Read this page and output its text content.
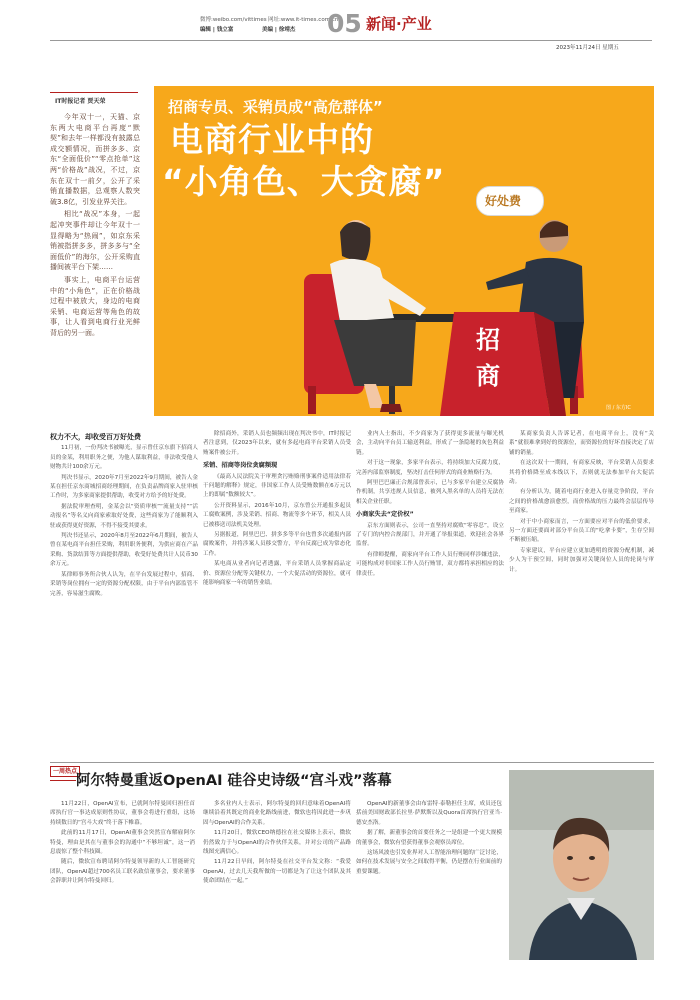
微博:weibo.com/vittimes 网址:www.it-times.com.cn
编辑 | 钱立富	美编 | 徐靖杰 05 新闻·产业
2023年11月24日 星期五
IT时报记者 贾天荣

今年双十一，天猫、京东两大电商平台再度“默契”和去年一样都没有披露总成交额情况，而拼多多、京东“全面低价”“零点抢单”这两“价格战”战况，不过，京东在双十一前夕，公开了采销直播数据，总观察人数突破3.8亿，引发业界关注。

相比“战况”本身，一起起冲突事件却让今年双十一显得略为“热闹”，如京东采销被指拼多多，拼多多与“全面低价”的海尔，公开采购直播间被平台下架……

事实上，电商平台运营中的“小角色”，正在价格战过程中被放大，身边的电商采销、电商运营等角色的故事，让人看到电商行业光鲜背后的另一面。

招商专员、采销员成“高危群体”
电商行业中的
“小角色、大贪腐”	好处费
招商
图 / 东方IC
权力不大，却收受百万好处费

11月初，一份判决书被曝光，显示曾任京东旗下招商人员的金某，利用职务之便，为他人谋取利益，非法收受他人财物共计100余万元。

判决书显示，2020年7月至2022年9月期间，被告人金某在担任京东商城招商经理期间，在负责品牌商家入驻审核工作时，为多家商家提供帮助，收受对方给予的好处费。

据法院审理查明，金某会以“资质审核”“流量支持”“活动报名”等名义向商家索取好处费，这些商家为了能顺利入驻或获得更好资源，不得不接受其要求。

判决书还显示，2020年8月至2022年6月期间，被告人曾在某电商平台担任采购，利用职务便利，为供应商在产品采购、货款结算等方面提供帮助，收受好处费共计人民币30余万元。

某律师事务所合伙人认为，在平台发展过程中，招商、采销等岗位拥有一定的资源分配权限，由于平台内部监管不完善，容易滋生腐败。

除招商外，采销人员也频频出现在判决书中，IT时报记者注意到，仅2023年以来，就有多起电商平台采销人员受贿案件被公开。

采销、招商等岗位贪腐频现

《最高人民法院关于审理贪污贿赂刑事案件适用法律若干问题的解释》规定，非国家工作人员受贿数额在6万元以上的即属“数额较大”。

公开资料显示，2016年10月，京东曾公开通报多起员工腐败案例，涉及采销、招商、物流等多个环节，相关人员已被移送司法机关处理。

另据报道，阿里巴巴、拼多多等平台也曾多次通报内部腐败案件，并将涉案人员移交警方，平台反腐已成为常态化工作。

某电商从业者向记者透露，平台采销人员掌握商品定价、资源位分配等关键权力，一个大促活动的资源位，就可能影响商家一年的销售业绩。

业内人士指出，不少商家为了获得更多流量与曝光机会，主动向平台员工输送利益，形成了一条隐秘的灰色利益链。

对于这一现象，多家平台表示，将持续加大反腐力度，完善内部监察制度，坚决打击任何形式的商业贿赂行为。

阿里巴巴廉正合规部曾表示，已与多家平台建立反腐协作机制，共享违规人员信息，被列入黑名单的人员将无法在相关企业任职。

小商家失去“定价权”

京东方面则表示，公司一直坚持对腐败“零容忍”，设立了专门的内控合规部门，并开通了举报渠道，欢迎社会各界监督。

有律师提醒，商家向平台工作人员行贿同样涉嫌违法，可能构成对非国家工作人员行贿罪，双方都将承担相应的法律责任。

某商家负责人告诉记者，在电商平台上，没有“关系”就很难拿到好的资源位，而资源位的好坏直接决定了店铺的销量。

在这次双十一期间，有商家反映，平台采销人员要求其将价格降至成本线以下，否则就无法参加平台大促活动。

有分析认为，随着电商行业进入存量竞争阶段，平台之间的价格战愈演愈烈，而价格战的压力最终会层层传导至商家。

对于中小商家而言，一方面要应对平台的低价要求，另一方面还要面对部分平台员工的“吃拿卡要”，生存空间不断被压缩。

专家建议，平台应建立更加透明的资源分配机制，减少人为干预空间，同时加强对关键岗位人员的轮岗与审计。

一周热点
阿尔特曼重返OpenAI 硅谷史诗级“宫斗戏”落幕

11月22日，OpenAI宣布，已就阿尔特曼回归担任首席执行官一事达成原则性协议，董事会将进行重组，这场持续数日的“宫斗大戏”终于落下帷幕。

此前的11月17日，OpenAI董事会突然宣布解雇阿尔特曼，理由是其在与董事会的沟通中“不够坦诚”，这一消息震惊了整个科技圈。

随后，微软宣布聘请阿尔特曼领导新的人工智能研究团队，OpenAI超过700名员工联名致信董事会，要求董事会辞职并让阿尔特曼回归。

多名业内人士表示，阿尔特曼的回归意味着OpenAI将继续沿着其既定的商业化路线前进，微软也将因此进一步巩固与OpenAI的合作关系。

11月20日，微软CEO纳德拉在社交媒体上表示，微软仍然致力于与OpenAI的合作伙伴关系，并对公司的产品路线图充满信心。

11月22日早间，阿尔特曼在社交平台发文称：“我爱OpenAI，过去几天我所做的一切都是为了让这个团队及其使命团结在一起。”

OpenAI的新董事会由布雷特·泰勒担任主席，成员还包括前美国财政部长拉里·萨默斯以及Quora首席执行官亚当·德安杰洛。

据了解，新董事会的首要任务之一是组建一个更大规模的董事会，微软有望获得董事会观察员席位。

这场风波也引发业界对人工智能治理问题的广泛讨论，如何在技术发展与安全之间取得平衡，仍是摆在行业面前的重要课题。
